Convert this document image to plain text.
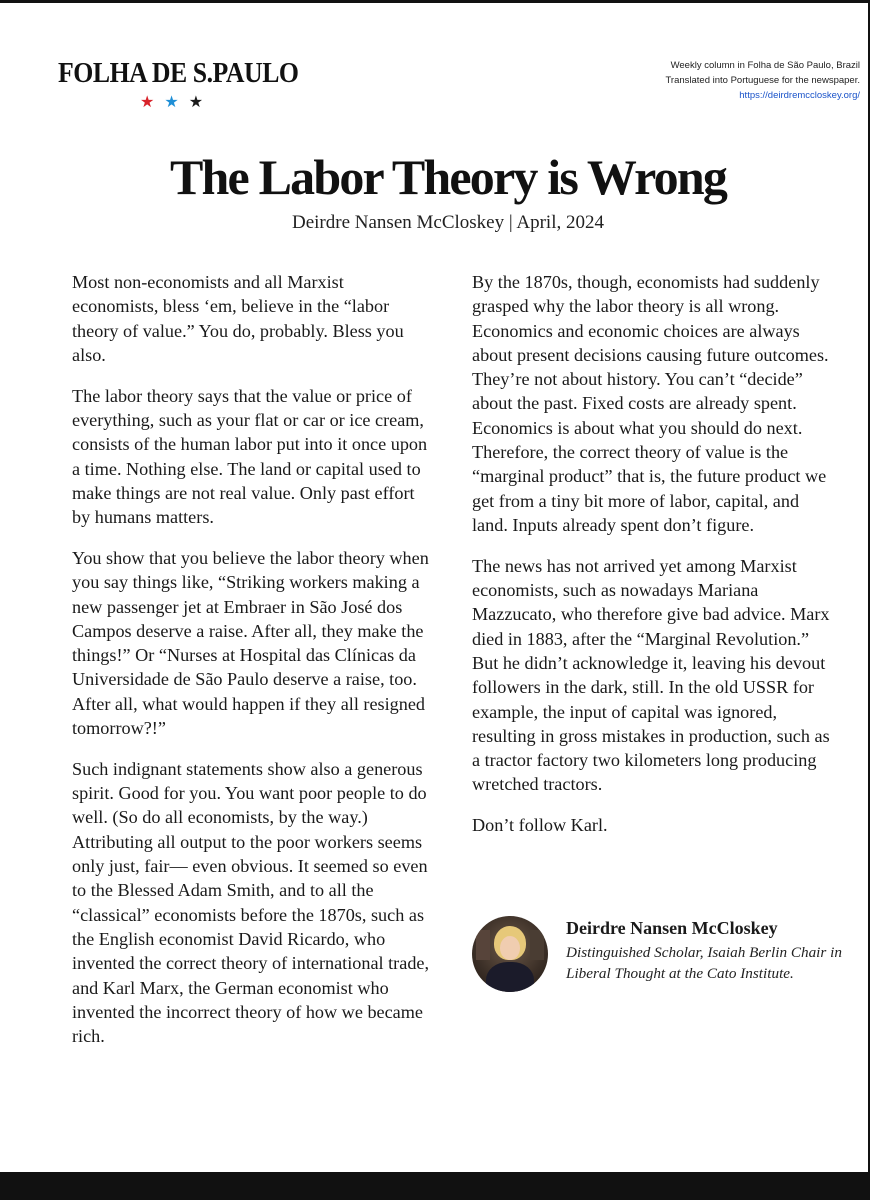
FOLHA DE S.PAULO
★ ★ ★
Weekly column in Folha de São Paulo, Brazil
Translated into Portuguese for the newspaper.
https://deirdremccloskey.org/
The Labor Theory is Wrong
Deirdre Nansen McCloskey | April, 2024

Most non-economists and all Marxist economists, bless ‘em, believe in the “labor theory of value.” You do, probably. Bless you also.

The labor theory says that the value or price of everything, such as your flat or car or ice cream, consists of the human labor put into it once upon a time. Nothing else. The land or capital used to make things are not real value. Only past effort by humans matters.

You show that you believe the labor theory when you say things like, “Striking workers making a new passenger jet at Embraer in São José dos Campos deserve a raise. After all, they make the things!” Or “Nurses at Hospital das Clínicas da Universidade de São Paulo deserve a raise, too. After all, what would happen if they all resigned tomorrow?!”

Such indignant statements show also a generous spirit. Good for you. You want poor people to do well. (So do all economists, by the way.) Attributing all output to the poor workers seems only just, fair— even obvious. It seemed so even to the Blessed Adam Smith, and to all the “classical” economists before the 1870s, such as the English economist David Ricardo, who invented the correct theory of international trade, and Karl Marx, the German economist who invented the incorrect theory of how we became rich.

By the 1870s, though, economists had suddenly grasped why the labor theory is all wrong. Economics and economic choices are always about present decisions causing future outcomes. They’re not about history. You can’t “decide” about the past. Fixed costs are already spent. Economics is about what you should do next. Therefore, the correct theory of value is the “marginal product” that is, the future product we get from a tiny bit more of labor, capital, and land. Inputs already spent don’t figure.

The news has not arrived yet among Marxist economists, such as nowadays Mariana Mazzucato, who therefore give bad advice. Marx died in 1883, after the “Marginal Revolution.” But he didn’t acknowledge it, leaving his devout followers in the dark, still. In the old USSR for example, the input of capital was ignored, resulting in gross mistakes in production, such as a tractor factory two kilometers long producing wretched tractors.

Don’t follow Karl.

Deirdre Nansen McCloskey
Distinguished Scholar, Isaiah Berlin Chair in Liberal Thought at the Cato Institute.
